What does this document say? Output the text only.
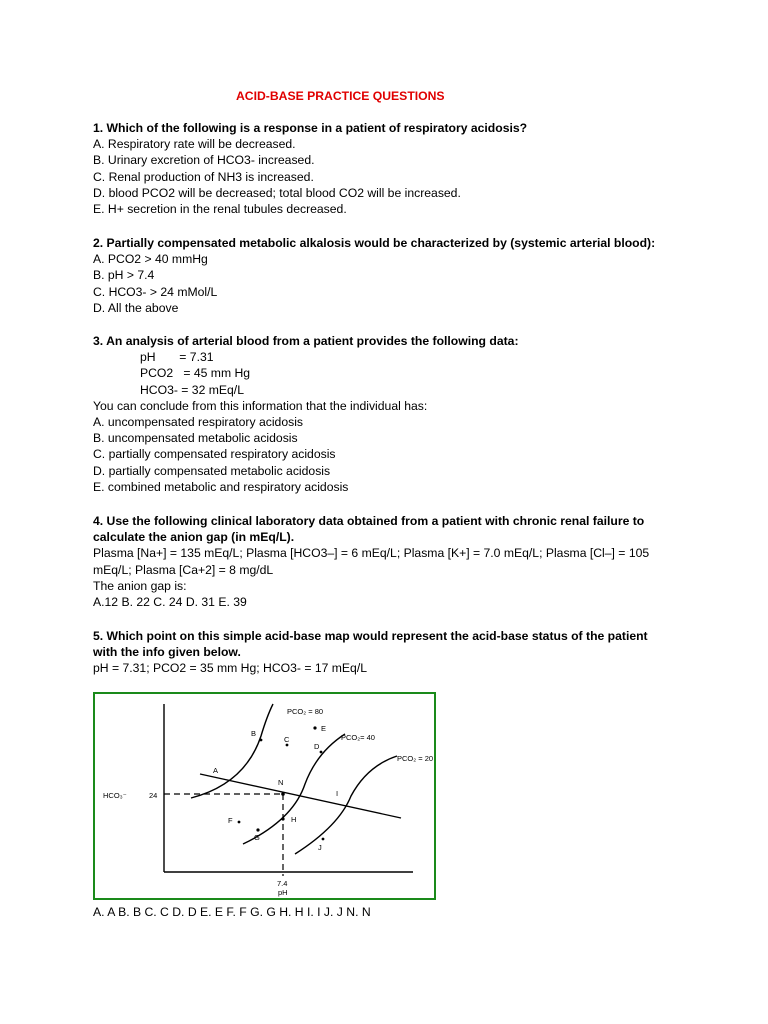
ACID-BASE PRACTICE QUESTIONS
1. Which of the following is a response in a patient of respiratory acidosis?
A. Respiratory rate will be decreased.
B. Urinary excretion of HCO3- increased.
C. Renal production of NH3 is increased.
D. blood PCO2 will be decreased; total blood CO2 will be increased.
E. H+ secretion in the renal tubules decreased.
2. Partially compensated metabolic alkalosis would be characterized by (systemic arterial blood):
A. PCO2 > 40 mmHg
B. pH > 7.4
C. HCO3- > 24 mMol/L
D. All the above
3. An analysis of arterial blood from a patient provides the following data:
pH       = 7.31
PCO2   = 45 mm Hg
HCO3- = 32 mEq/L
You can conclude from this information that the individual has:
A. uncompensated respiratory acidosis
B. uncompensated metabolic acidosis
C. partially compensated respiratory acidosis
D. partially compensated metabolic acidosis
E. combined metabolic and respiratory acidosis
4. Use the following clinical laboratory data obtained from a patient with chronic renal failure to
calculate the anion gap (in mEq/L).
Plasma [Na+] = 135 mEq/L; Plasma [HCO3–] = 6 mEq/L; Plasma [K+] = 7.0 mEq/L; Plasma [Cl–] = 105
mEq/L; Plasma [Ca+2] = 8 mg/dL
The anion gap is:
A.12 B. 22 C. 24 D. 31 E. 39
5. Which point on this simple acid-base map would represent the acid-base status of the patient
with the info given below.
pH = 7.31; PCO2 = 35 mm Hg; HCO3- = 17 mEq/L
PCO₂ = 80
PCO₂= 40
PCO₂ = 20
HCO₃⁻	24
7.4
pH
A
B
C
D
E
F
G
H
I
J
N
A. A B. B C. C D. D E. E F. F G. G H. H I. I J. J N. N
